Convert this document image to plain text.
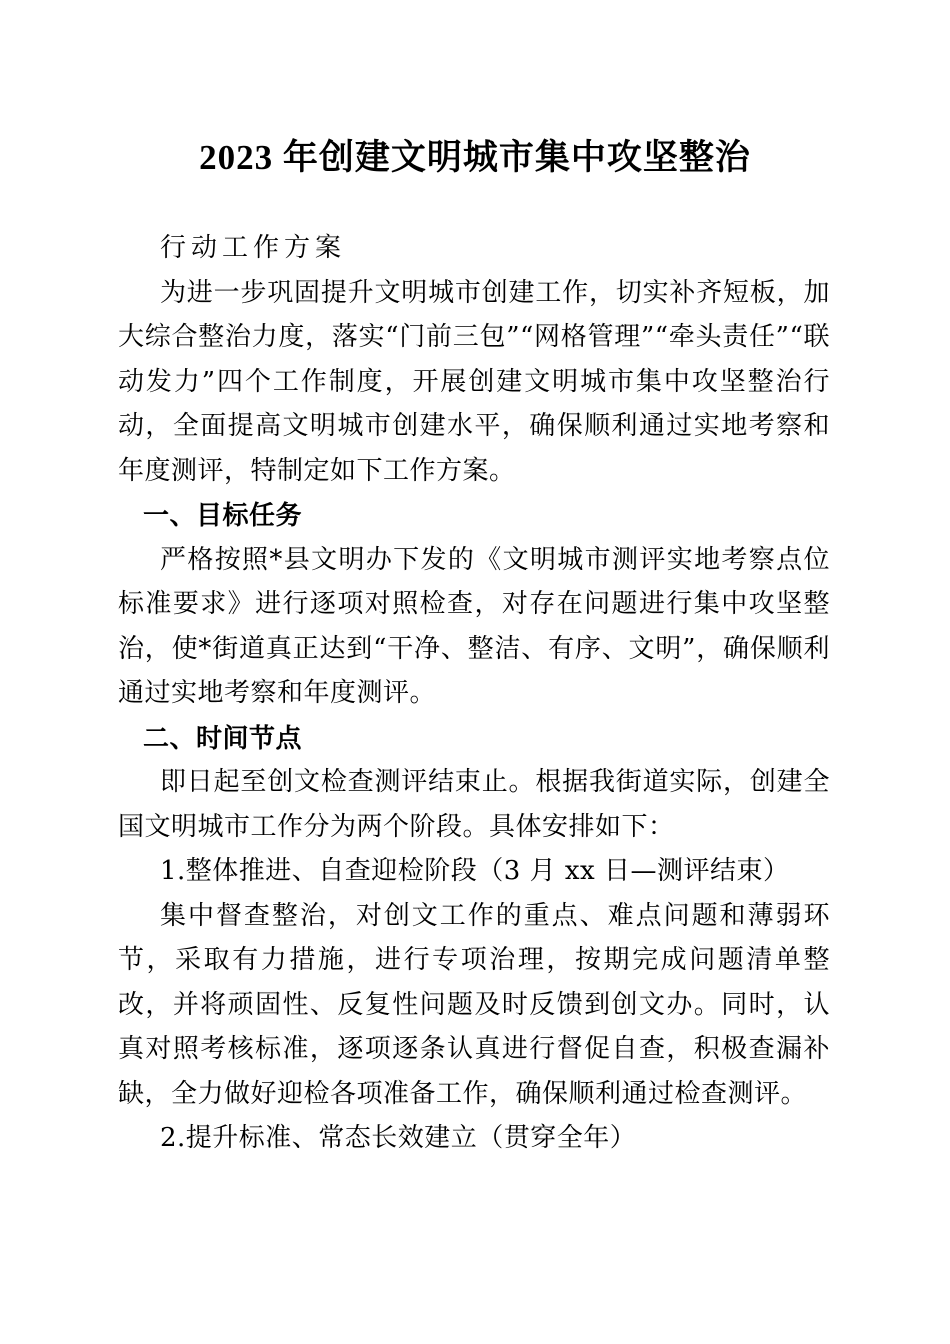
2023 年创建文明城市集中攻坚整治

行动工作方案

为进一步巩固提升文明城市创建工作，切实补齐短板，加大综合整治力度，落实“门前三包”“网格管理”“牵头责任”“联动发力”四个工作制度，开展创建文明城市集中攻坚整治行动，全面提高文明城市创建水平，确保顺利通过实地考察和年度测评，特制定如下工作方案。

一、目标任务

严格按照*县文明办下发的《文明城市测评实地考察点位标准要求》进行逐项对照检查，对存在问题进行集中攻坚整治，使*街道真正达到“干净、整洁、有序、文明”，确保顺利通过实地考察和年度测评。

二、时间节点

即日起至创文检查测评结束止。根据我街道实际，创建全国文明城市工作分为两个阶段。具体安排如下：

1.整体推进、自查迎检阶段（3 月 xx 日—测评结束）

集中督查整治，对创文工作的重点、难点问题和薄弱环节，采取有力措施，进行专项治理，按期完成问题清单整改，并将顽固性、反复性问题及时反馈到创文办。同时，认真对照考核标准，逐项逐条认真进行督促自查，积极查漏补缺，全力做好迎检各项准备工作，确保顺利通过检查测评。

2.提升标准、常态长效建立（贯穿全年）
